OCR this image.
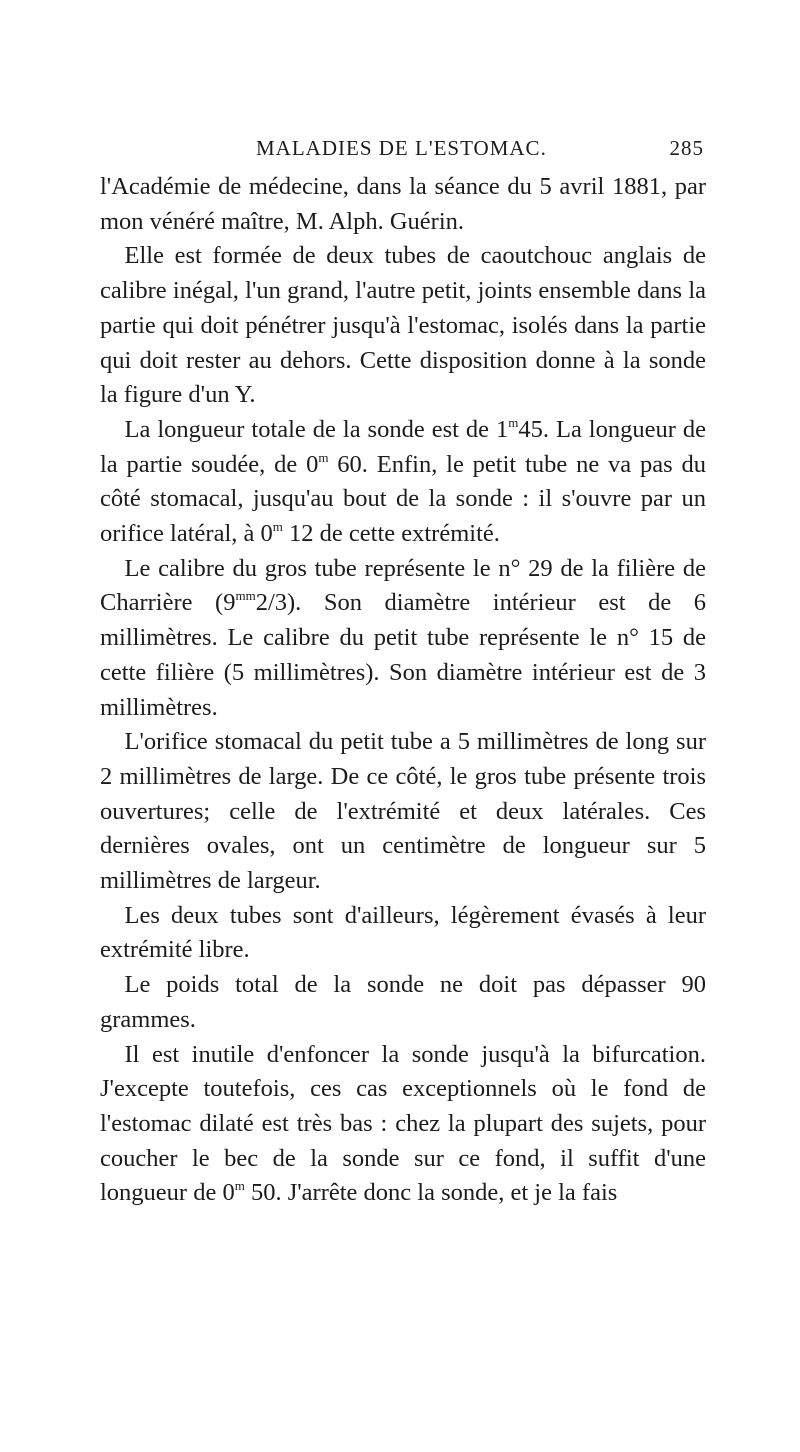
MALADIES DE L'ESTOMAC.	285

l'Académie de médecine, dans la séance du 5 avril 1881, par mon vénéré maître, M. Alph. Guérin.

 Elle est formée de deux tubes de caoutchouc anglais de calibre inégal, l'un grand, l'autre petit, joints ensemble dans la partie qui doit pénétrer jusqu'à l'estomac, isolés dans la partie qui doit rester au dehors. Cette disposition donne à la sonde la figure d'un Y.

 La longueur totale de la sonde est de 1$^m$45. La longueur de la partie soudée, de 0$^m$ 60. Enfin, le petit tube ne va pas du côté stomacal, jusqu'au bout de la sonde : il s'ouvre par un orifice latéral, à 0$^m$ 12 de cette extrémité.

 Le calibre du gros tube représente le n° 29 de la filière de Charrière $(9^{mm}2/3)$. Son diamètre intérieur est de 6 millimètres. Le calibre du petit tube représente le n° 15 de cette filière (5 millimètres). Son diamètre intérieur est de 3 millimètres.

 L'orifice stomacal du petit tube a 5 millimètres de long sur 2 millimètres de large. De ce côté, le gros tube présente trois ouvertures; celle de l'extrémité et deux latérales. Ces dernières ovales, ont un centimètre de longueur sur 5 millimètres de largeur.

 Les deux tubes sont d'ailleurs, légèrement évasés à leur extrémité libre.

 Le poids total de la sonde ne doit pas dépasser 90 grammes.

 Il est inutile d'enfoncer la sonde jusqu'à la bifurcation. J'excepte toutefois, ces cas exceptionnels où le fond de l'estomac dilaté est très bas : chez la plupart des sujets, pour coucher le bec de la sonde sur ce fond, il suffit d'une longueur de 0$^m$ 50. J'arrête donc la sonde, et je la fais
